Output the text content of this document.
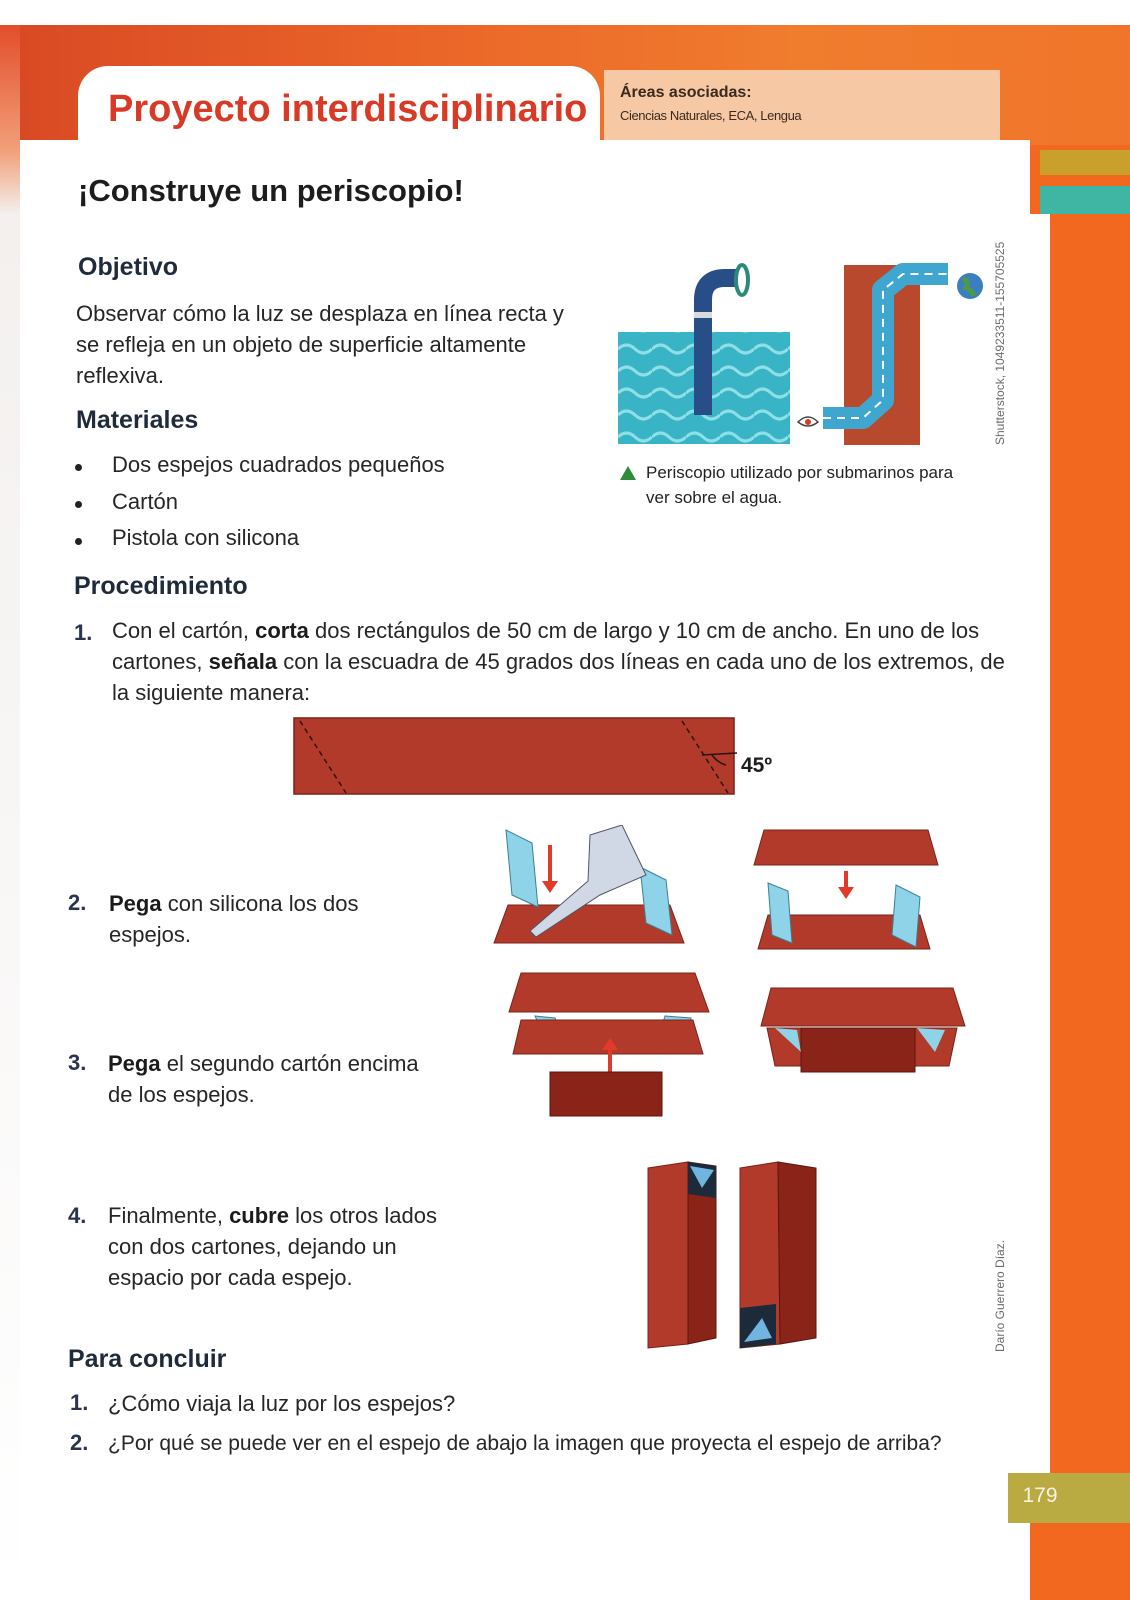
179
Proyecto interdisciplinario Áreas asociadas:
Ciencias Naturales, ECA, Lengua
Shutterstock, 1049233511-155705525
Darío Guerrero Díaz.
¡Construye un periscopio!
Objetivo
Observar cómo la luz se desplaza en línea recta y se refleja en un objeto de superficie altamente reflexiva.
Materiales
Dos espejos cuadrados pequeños
Cartón
Pistola con silicona
Periscopio utilizado por submarinos para ver sobre el agua.
Procedimiento
1. Con el cartón, corta dos rectángulos de 50 cm de largo y 10 cm de ancho. En uno de los cartones, señala con la escuadra de 45 grados dos líneas en cada uno de los extremos, de la siguiente manera:
45º
2. Pega con silicona los dos espejos.
3. Pega el segundo cartón encima de los espejos.
4. Finalmente, cubre los otros lados con dos cartones, dejando un espacio por cada espejo.
Para concluir
1. ¿Cómo viaja la luz por los espejos?
2. ¿Por qué se puede ver en el espejo de abajo la imagen que proyecta el espejo de arriba?
